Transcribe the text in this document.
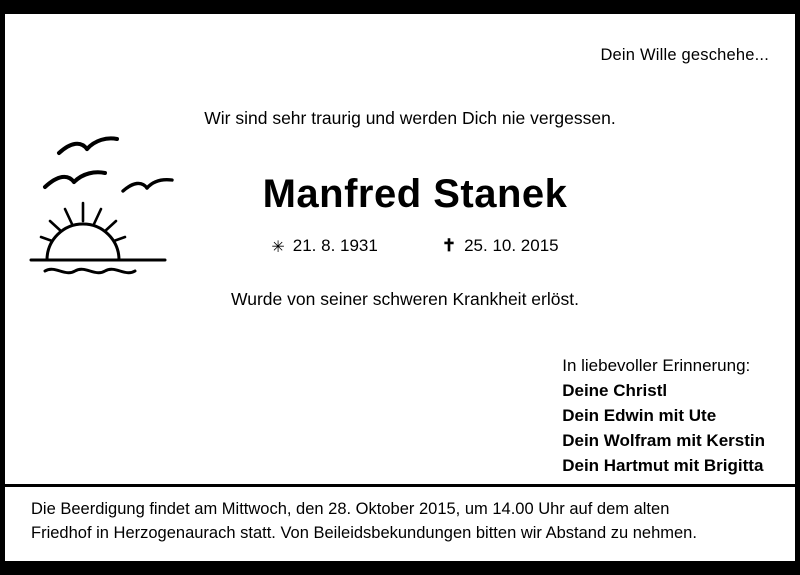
Dein Wille geschehe...
Wir sind sehr traurig und werden Dich nie vergessen.
Manfred Stanek
✳ 21. 8. 1931	✝ 25. 10. 2015
Wurde von seiner schweren Krankheit erlöst.
In liebevoller Erinnerung:
Deine Christl
Dein Edwin mit Ute
Dein Wolfram mit Kerstin
Dein Hartmut mit Brigitta
Die Beerdigung findet am Mittwoch, den 28. Oktober 2015, um 14.00 Uhr auf dem alten
Friedhof in Herzogenaurach statt. Von Beileidsbekundungen bitten wir Abstand zu nehmen.
